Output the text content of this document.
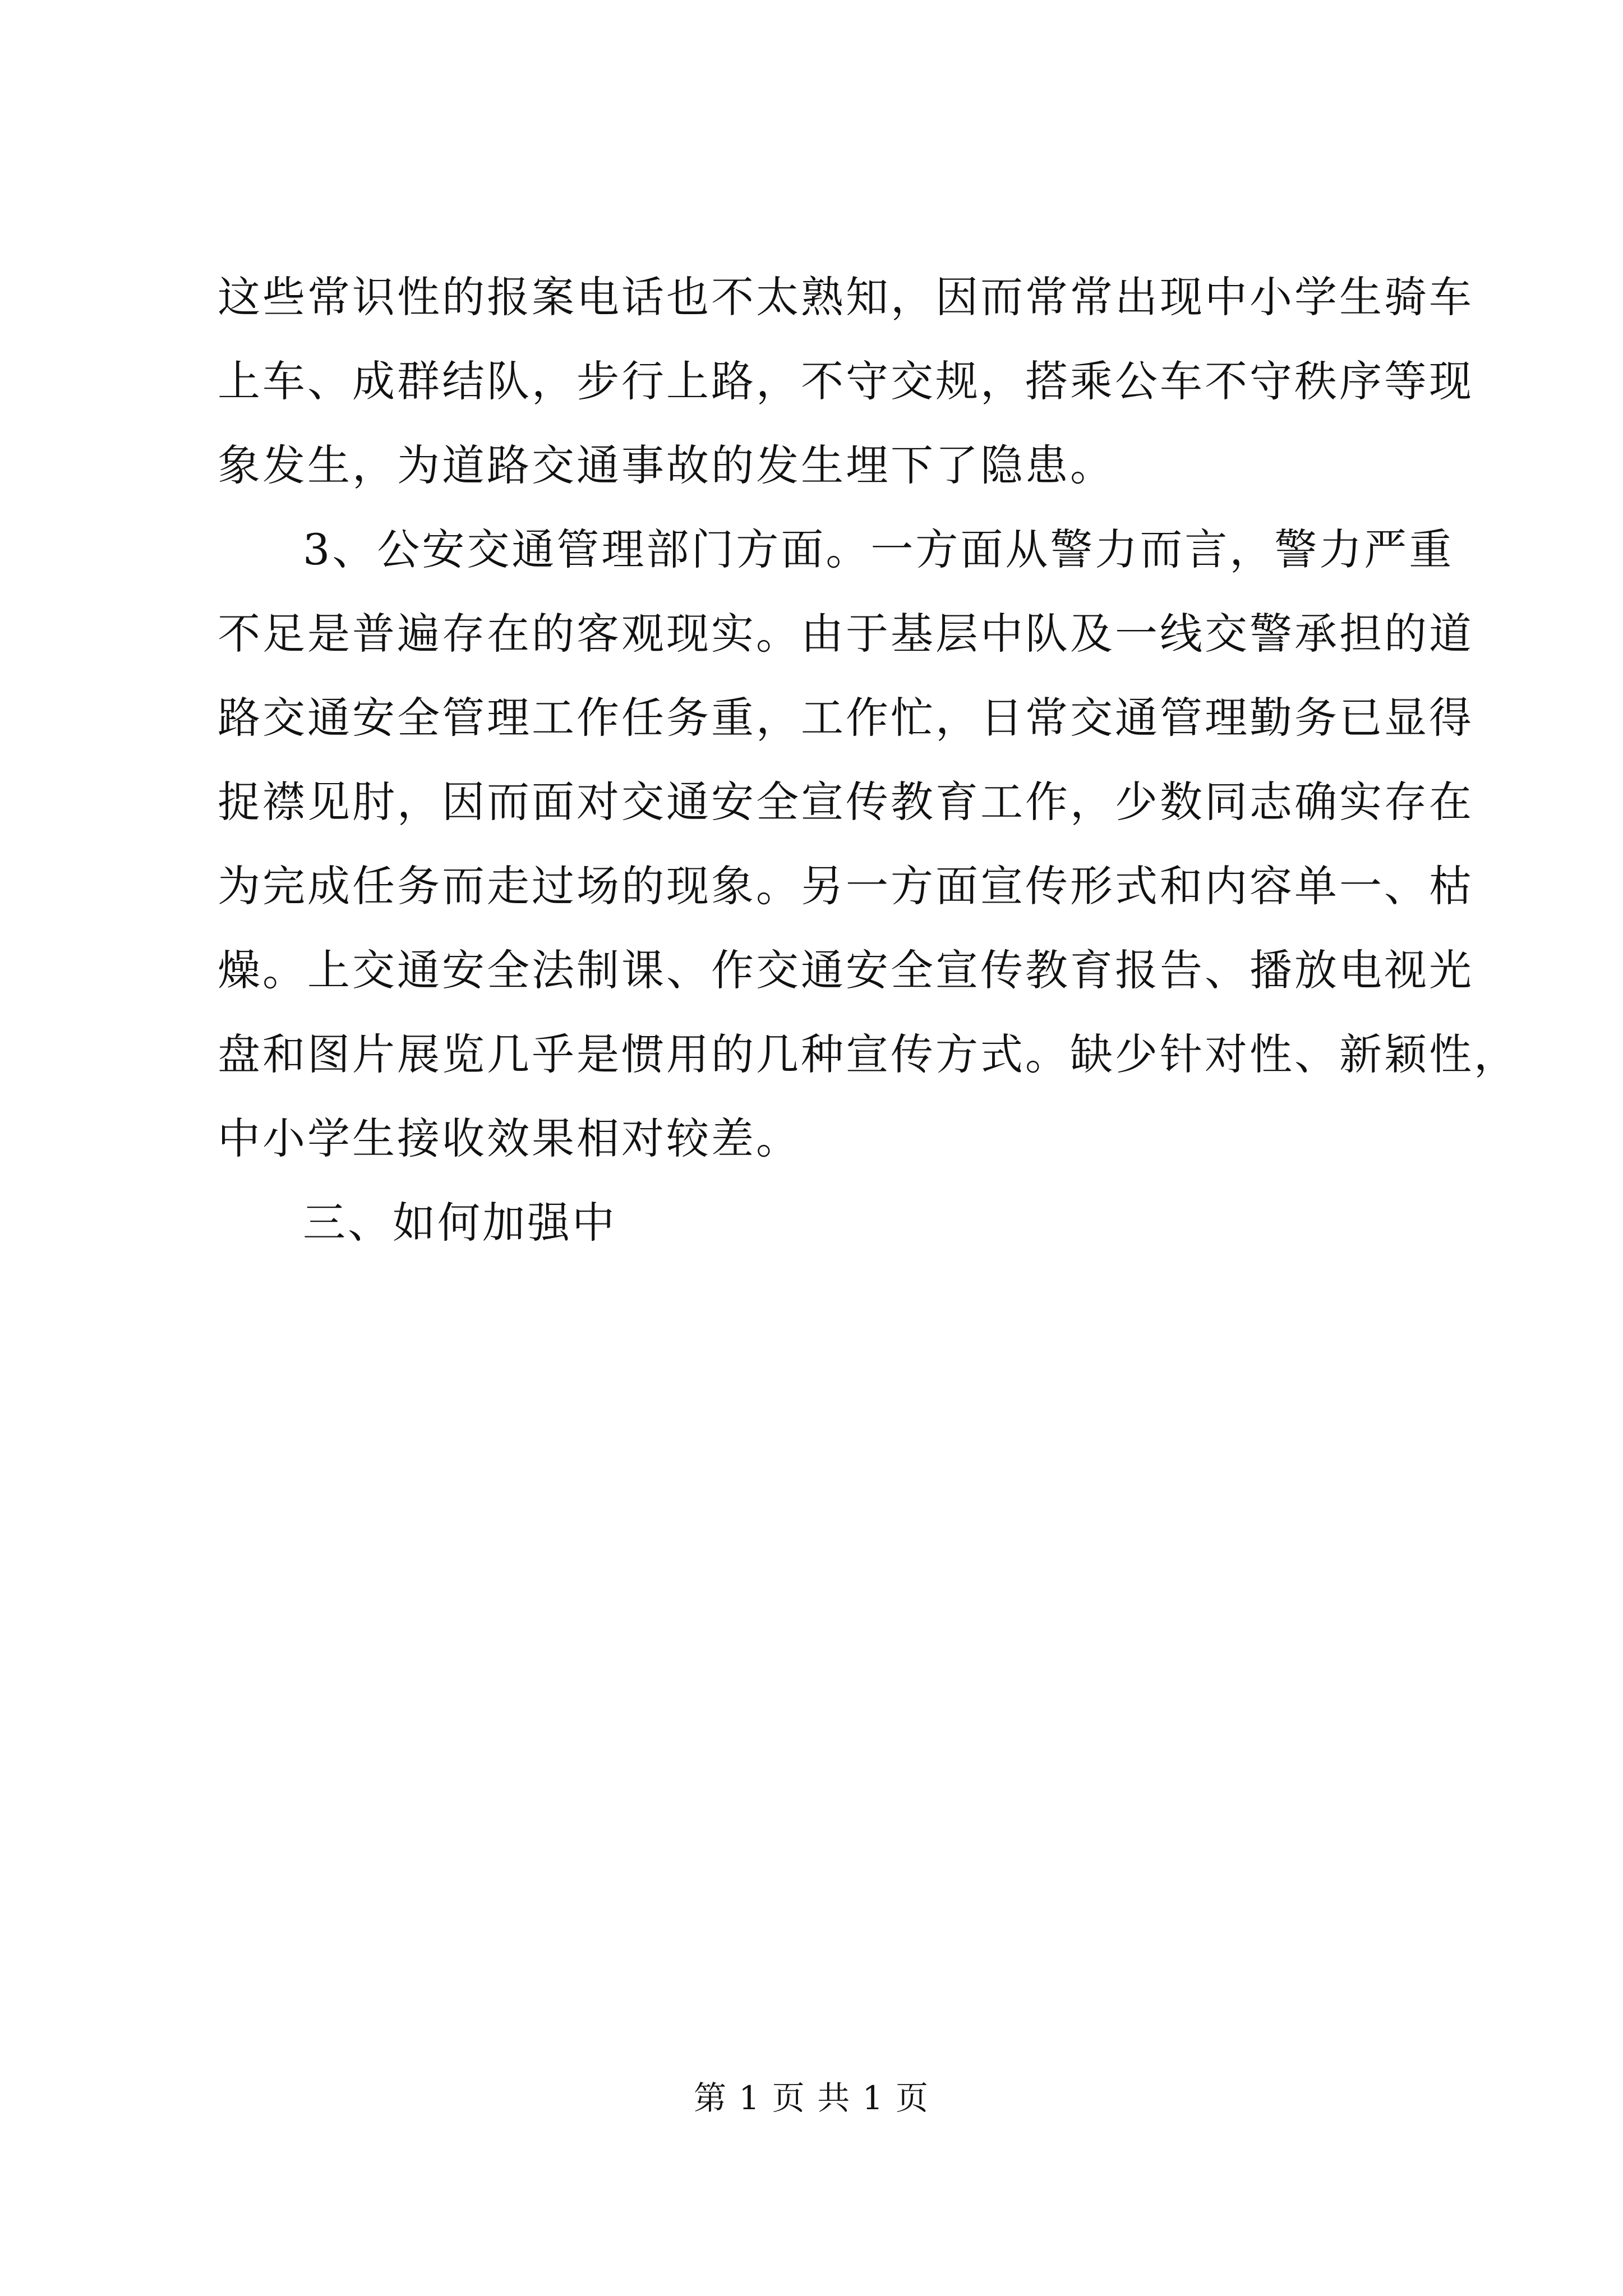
这些常识性的报案电话也不太熟知，因而常常出现中小学生骑车
上车、成群结队，步行上路，不守交规，搭乘公车不守秩序等现
象发生，为道路交通事故的发生埋下了隐患。
3、公安交通管理部门方面。一方面从警力而言，警力严重
不足是普遍存在的客观现实。由于基层中队及一线交警承担的道
路交通安全管理工作任务重，工作忙，日常交通管理勤务已显得
捉襟见肘，因而面对交通安全宣传教育工作，少数同志确实存在
为完成任务而走过场的现象。另一方面宣传形式和内容单一、枯
燥。上交通安全法制课、作交通安全宣传教育报告、播放电视光
盘和图片展览几乎是惯用的几种宣传方式。缺少针对性、新颖性，
中小学生接收效果相对较差。
三、如何加强中
第 1 页 共 1 页
